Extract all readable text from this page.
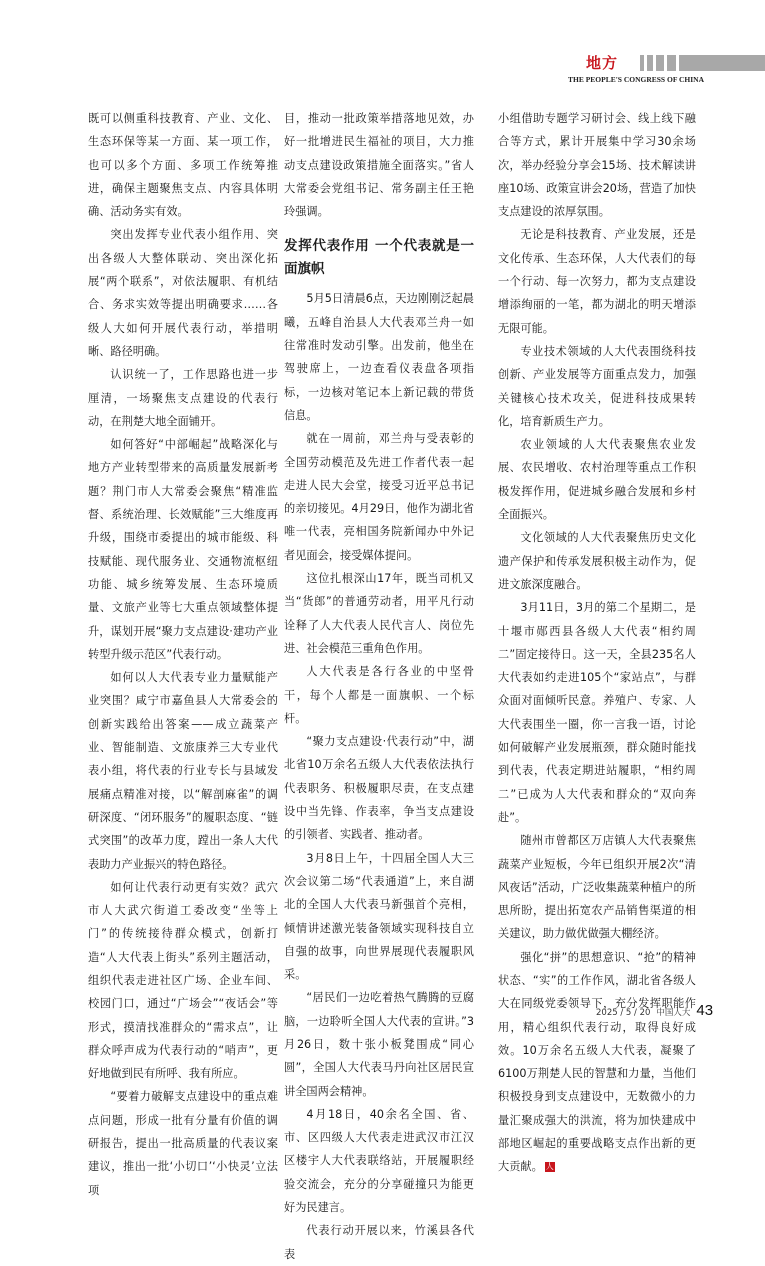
地方
THE PEOPLE'S CONGRESS OF CHINA

既可以侧重科技教育、产业、文化、生态环保等某一方面、某一项工作，也可以多个方面、多项工作统筹推进，确保主题聚焦支点、内容具体明确、活动务实有效。

突出发挥专业代表小组作用、突出各级人大整体联动、突出深化拓展“两个联系”，对依法履职、有机结合、务求实效等提出明确要求……各级人大如何开展代表行动，举措明晰、路径明确。

认识统一了，工作思路也进一步厘清，一场聚焦支点建设的代表行动，在荆楚大地全面铺开。

如何答好“中部崛起”战略深化与地方产业转型带来的高质量发展新考题？荆门市人大常委会聚焦“精准监督、系统治理、长效赋能”三大维度再升级，围绕市委提出的城市能级、科技赋能、现代服务业、交通物流枢纽功能、城乡统筹发展、生态环境质量、文旅产业等七大重点领域整体提升，谋划开展“聚力支点建设·建功产业转型升级示范区”代表行动。

如何以人大代表专业力量赋能产业突围？咸宁市嘉鱼县人大常委会的创新实践给出答案——成立蔬菜产业、智能制造、文旅康养三大专业代表小组，将代表的行业专长与县域发展痛点精准对接，以“解剖麻雀”的调研深度、“闭环服务”的履职态度、“链式突围”的改革力度，蹚出一条人大代表助力产业振兴的特色路径。

如何让代表行动更有实效？武穴市人大武穴街道工委改变“坐等上门”的传统接待群众模式，创新打造“人大代表上街头”系列主题活动，组织代表走进社区广场、企业车间、校园门口，通过“广场会”“夜话会”等形式，摸清找准群众的“需求点”，让群众呼声成为代表行动的“哨声”，更好地做到民有所呼、我有所应。

“要着力破解支点建设中的重点难点问题，形成一批有分量有价值的调研报告，提出一批高质量的代表议案建议，推出一批‘小切口’‘小快灵’立法项

目，推动一批政策举措落地见效，办好一批增进民生福祉的项目，大力推动支点建设政策措施全面落实。”省人大常委会党组书记、常务副主任王艳玲强调。

发挥代表作用 一个代表就是一面旗帜

5月5日清晨6点，天边刚刚泛起晨曦，五峰自治县人大代表邓兰舟一如往常准时发动引擎。出发前，他坐在驾驶席上，一边查看仪表盘各项指标，一边核对笔记本上新记载的带货信息。

就在一周前，邓兰舟与受表彰的全国劳动模范及先进工作者代表一起走进人民大会堂，接受习近平总书记的亲切接见。4月29日，他作为湖北省唯一代表，亮相国务院新闻办中外记者见面会，接受媒体提问。

这位扎根深山17年，既当司机又当“货郎”的普通劳动者，用平凡行动诠释了人大代表人民代言人、岗位先进、社会模范三重角色作用。

人大代表是各行各业的中坚骨干，每个人都是一面旗帜、一个标杆。

“聚力支点建设·代表行动”中，湖北省10万余名五级人大代表依法执行代表职务、积极履职尽责，在支点建设中当先锋、作表率，争当支点建设的引领者、实践者、推动者。

3月8日上午，十四届全国人大三次会议第二场“代表通道”上，来自湖北的全国人大代表马新强首个亮相，倾情讲述激光装备领域实现科技自立自强的故事，向世界展现代表履职风采。

“居民们一边吃着热气腾腾的豆腐脑，一边聆听全国人大代表的宣讲。”3月26日，数十张小板凳围成“同心圆”，全国人大代表马丹向社区居民宣讲全国两会精神。

4月18日，40余名全国、省、市、区四级人大代表走进武汉市江汉区楼宇人大代表联络站，开展履职经验交流会，充分的分享碰撞只为能更好为民建言。

代表行动开展以来，竹溪县各代表

小组借助专题学习研讨会、线上线下融合等方式，累计开展集中学习30余场次，举办经验分享会15场、技术解读讲座10场、政策宣讲会20场，营造了加快支点建设的浓厚氛围。

无论是科技教育、产业发展，还是文化传承、生态环保，人大代表们的每一个行动、每一次努力，都为支点建设增添绚丽的一笔，都为湖北的明天增添无限可能。

专业技术领域的人大代表围绕科技创新、产业发展等方面重点发力，加强关键核心技术攻关，促进科技成果转化，培育新质生产力。

农业领域的人大代表聚焦农业发展、农民增收、农村治理等重点工作积极发挥作用，促进城乡融合发展和乡村全面振兴。

文化领域的人大代表聚焦历史文化遗产保护和传承发展积极主动作为，促进文旅深度融合。

3月11日，3月的第二个星期二，是十堰市郧西县各级人大代表“相约周二”固定接待日。这一天，全县235名人大代表如约走进105个“家站点”，与群众面对面倾听民意。养殖户、专家、人大代表围坐一圈，你一言我一语，讨论如何破解产业发展瓶颈，群众随时能找到代表，代表定期进站履职，“相约周二”已成为人大代表和群众的“双向奔赴”。

随州市曾都区万店镇人大代表聚焦蔬菜产业短板，今年已组织开展2次“清风夜话”活动，广泛收集蔬菜种植户的所思所盼，提出拓宽农产品销售渠道的相关建议，助力做优做强大棚经济。

强化“拼”的思想意识、“抢”的精神状态、“实”的工作作风，湖北省各级人大在同级党委领导下，充分发挥职能作用，精心组织代表行动，取得良好成效。10万余名五级人大代表，凝聚了6100万荆楚人民的智慧和力量，当他们积极投身到支点建设中，无数微小的力量汇聚成强大的洪流，将为加快建成中部地区崛起的重要战略支点作出新的更大贡献。 人

2025 / 5 / 20 中国人大 43
